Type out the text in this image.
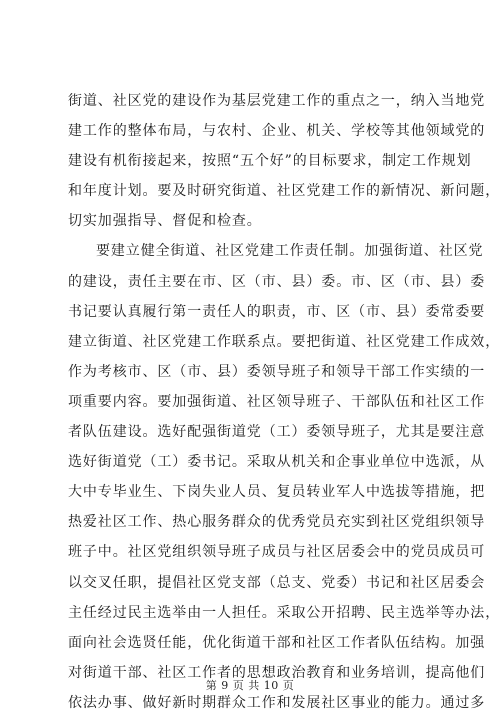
街道、社区党的建设作为基层党建工作的重点之一，纳入当地党
建工作的整体布局，与农村、企业、机关、学校等其他领域党的
建设有机衔接起来，按照“五个好”的目标要求，制定工作规划
和年度计划。要及时研究街道、社区党建工作的新情况、新问题，
切实加强指导、督促和检查。
要建立健全街道、社区党建工作责任制。加强街道、社区党
的建设，责任主要在市、区（市、县）委。市、区（市、县）委
书记要认真履行第一责任人的职责，市、区（市、县）委常委要
建立街道、社区党建工作联系点。要把街道、社区党建工作成效，
作为考核市、区（市、县）委领导班子和领导干部工作实绩的一
项重要内容。要加强街道、社区领导班子、干部队伍和社区工作
者队伍建设。选好配强街道党（工）委领导班子，尤其是要注意
选好街道党（工）委书记。采取从机关和企事业单位中选派，从
大中专毕业生、下岗失业人员、复员转业军人中选拔等措施，把
热爱社区工作、热心服务群众的优秀党员充实到社区党组织领导
班子中。社区党组织领导班子成员与社区居委会中的党员成员可
以交叉任职，提倡社区党支部（总支、党委）书记和社区居委会
主任经过民主选举由一人担任。采取公开招聘、民主选举等办法，
面向社会选贤任能，优化街道干部和社区工作者队伍结构。加强
对街道干部、社区工作者的思想政治教育和业务培训，提高他们
依法办事、做好新时期群众工作和发展社区事业的能力。通过多
第 9 页 共 10 页
